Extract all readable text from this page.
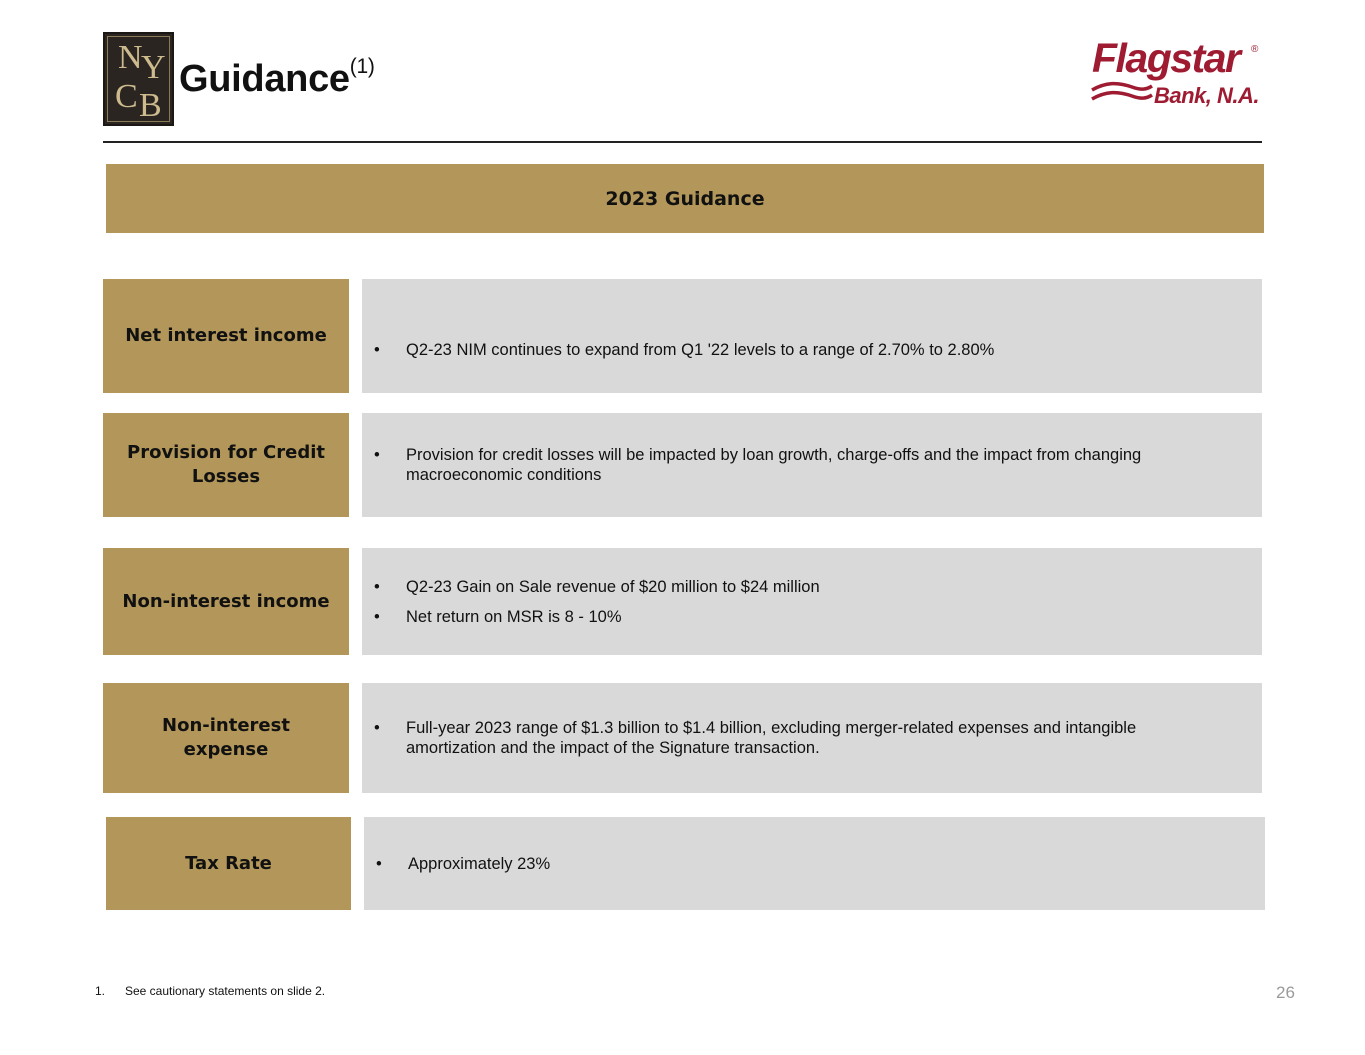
N
Y
C B
Guidance$^{(1)}$	Flagstar	®
Bank, N.A.
2023 Guidance
Net interest income
•	Q2-23 NIM continues to expand from Q1 '22 levels to a range of 2.70% to 2.80%
Provision for Credit Losses
•	Provision for credit losses will be impacted by loan growth, charge-offs and the impact from changing macroeconomic conditions
Non-interest income
•	Q2-23 Gain on Sale revenue of $20 million to $24 million
•	Net return on MSR is 8 - 10%
Non-interest expense
•	Full-year 2023 range of $1.3 billion to $1.4 billion, excluding merger-related expenses and intangible amortization and the impact of the Signature transaction.
Tax Rate	•	Approximately 23%
1. See cautionary statements on slide 2.	26
